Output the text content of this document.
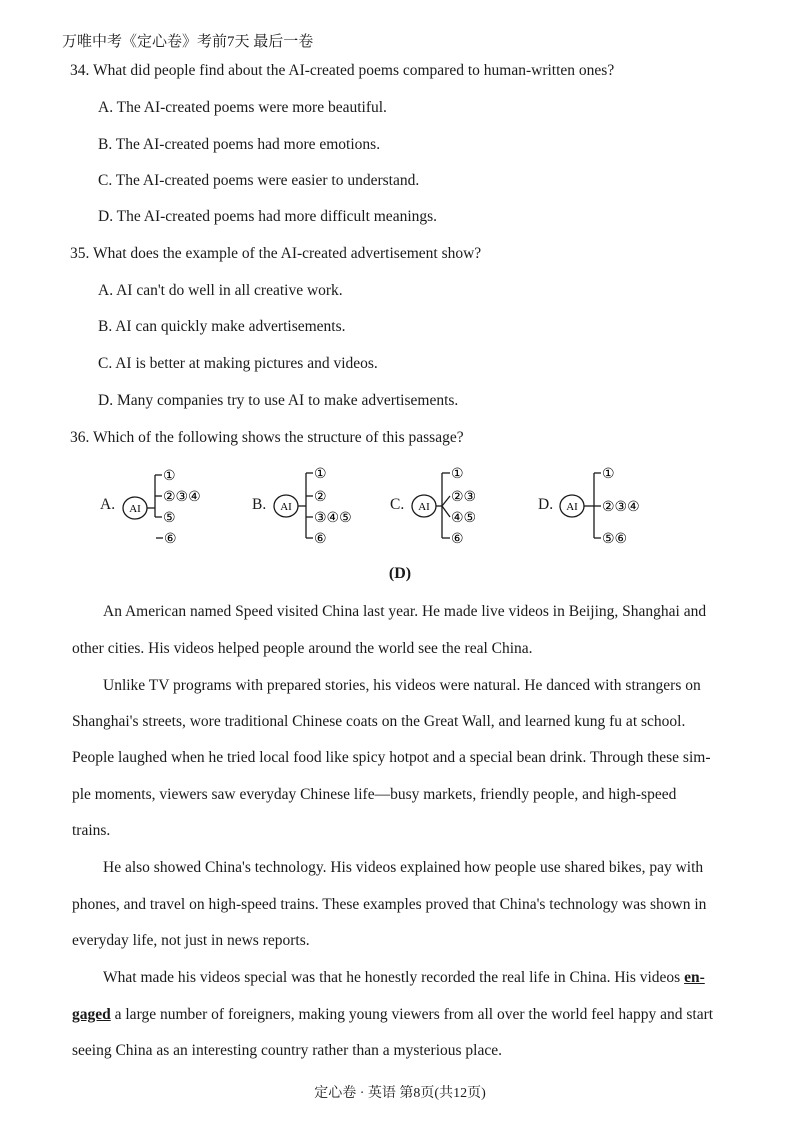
万唯中考《定心卷》考前7天 最后一卷
34. What did people find about the AI-created poems compared to human-written ones?
A. The AI-created poems were more beautiful.
B. The AI-created poems had more emotions.
C. The AI-created poems were easier to understand.
D. The AI-created poems had more difficult meanings.
35. What does the example of the AI-created advertisement show?
A. AI can't do well in all creative work.
B. AI can quickly make advertisements.
C. AI is better at making pictures and videos.
D. Many companies try to use AI to make advertisements.
36. Which of the following shows the structure of this passage?
A.
①
②③④
⑤
⑥
AI	B.
①
②
③④⑤
⑥
AI	C.
①
②③
④⑤
⑥
AI	D.
①
②③④
⑤⑥
AI
(D)
An American named Speed visited China last year. He made live videos in Beijing, Shanghai and
other cities. His videos helped people around the world see the real China.
Unlike TV programs with prepared stories, his videos were natural. He danced with strangers on
Shanghai's streets, wore traditional Chinese coats on the Great Wall, and learned kung fu at school.
People laughed when he tried local food like spicy hotpot and a special bean drink. Through these sim-
ple moments, viewers saw everyday Chinese life—busy markets, friendly people, and high-speed
trains.
He also showed China's technology. His videos explained how people use shared bikes, pay with
phones, and travel on high-speed trains. These examples proved that China's technology was shown in
everyday life, not just in news reports.
What made his videos special was that he honestly recorded the real life in China. His videos en-
gaged a large number of foreigners, making young viewers from all over the world feel happy and start
seeing China as an interesting country rather than a mysterious place.
定心卷 · 英语 第8页(共12页)
